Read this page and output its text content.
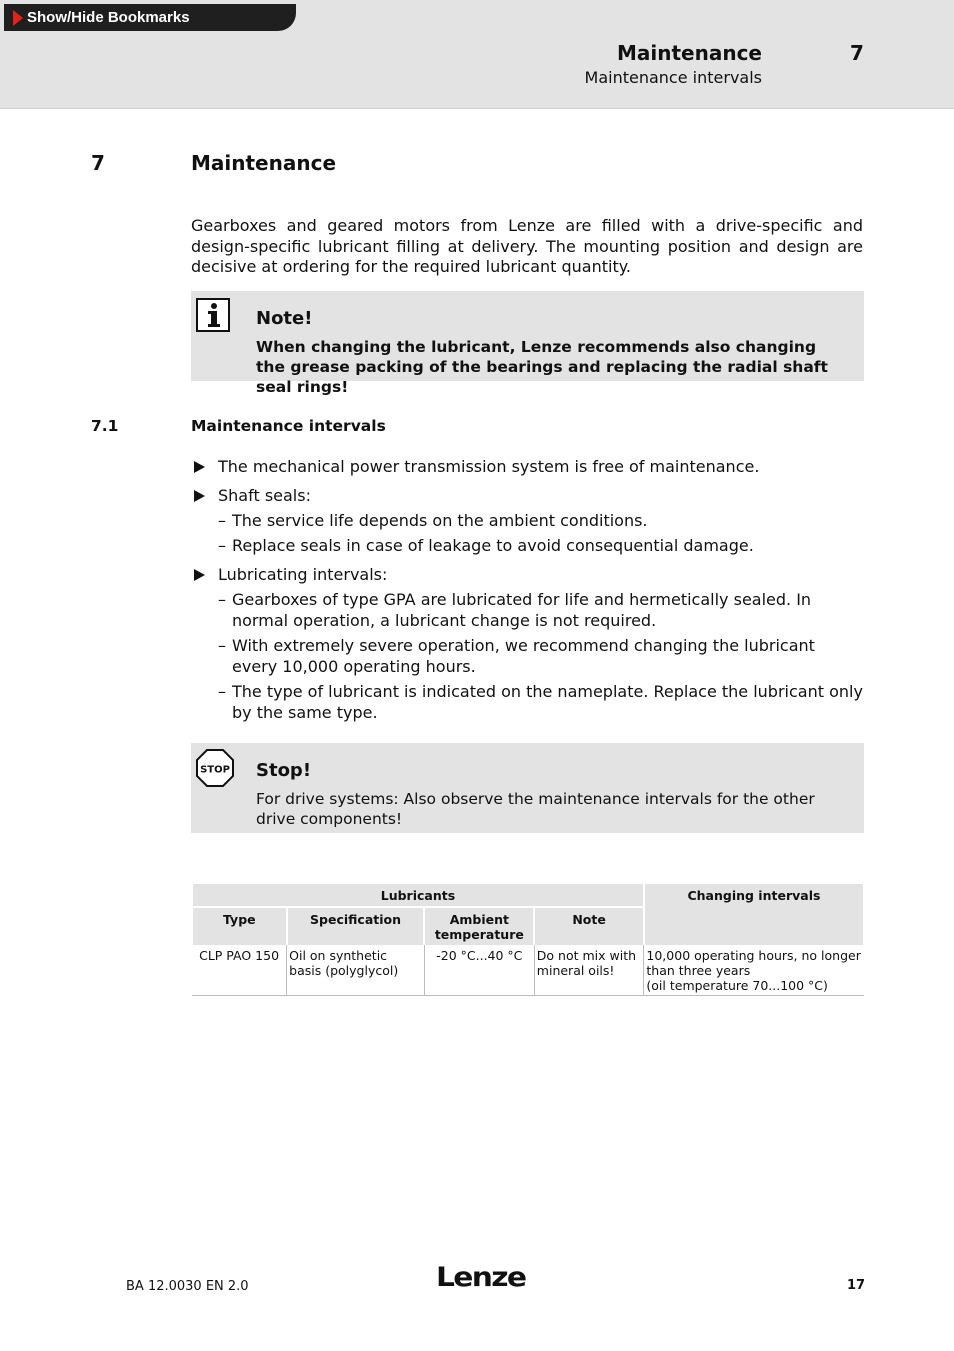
Show/Hide Bookmarks
Maintenance	7
Maintenance intervals
7	Maintenance

Gearboxes and geared motors from Lenze are filled with a drive-specific and design-specific lubricant filling at delivery. The mounting position and design are decisive at ordering for the required lubricant quantity.

Note!
When changing the lubricant, Lenze recommends also changing the grease packing of the bearings and replacing the radial shaft seal rings!
7.1	Maintenance intervals
The mechanical power transmission system is free of maintenance.
Shaft seals:
– The service life depends on the ambient conditions.
– Replace seals in case of leakage to avoid consequential damage.
Lubricating intervals:
– Gearboxes of type GPA are lubricated for life and hermetically sealed. In normal operation, a lubricant change is not required.
– With extremely severe operation, we recommend changing the lubricant every 10,000 operating hours.
– The type of lubricant is indicated on the nameplate. Replace the lubricant only by the same type.
STOP Stop!
For drive systems: Also observe the maintenance intervals for the other drive components!
Lubricants				Changing intervals
Type	Specification	Ambient temperature	Note	
CLP PAO 150	Oil on synthetic basis (polyglycol)	-20 °C...40 °C	Do not mix with mineral oils!	10,000 operating hours, no longer than three years
(oil temperature 70...100 °C)
BA 12.0030 EN 2.0	Lenze	17
